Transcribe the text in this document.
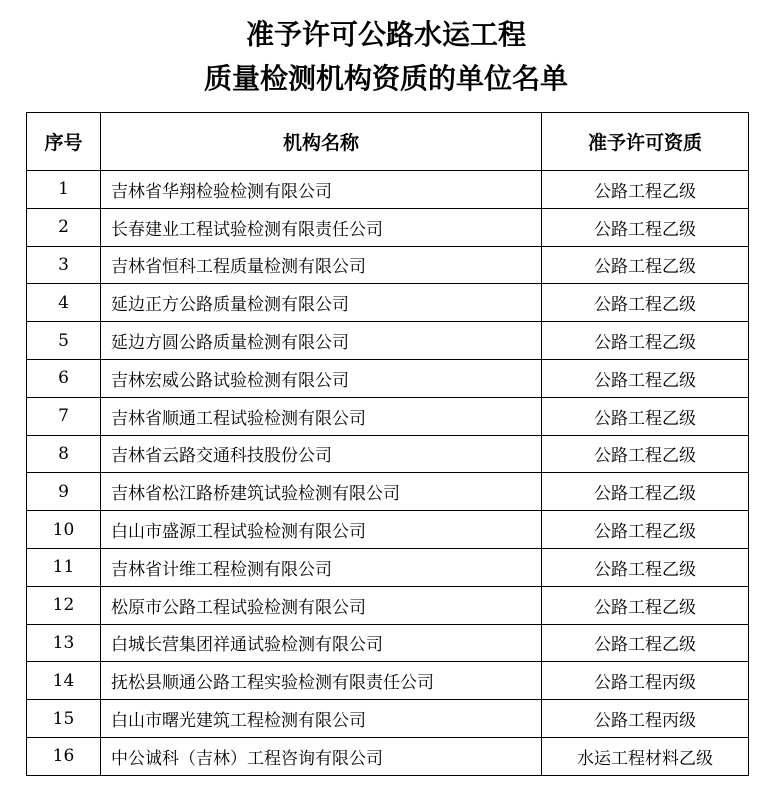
准予许可公路水运工程
质量检测机构资质的单位名单
序号	机构名称	准予许可资质
1	吉林省华翔检验检测有限公司	公路工程乙级
2	长春建业工程试验检测有限责任公司	公路工程乙级
3	吉林省恒科工程质量检测有限公司	公路工程乙级
4	延边正方公路质量检测有限公司	公路工程乙级
5	延边方圆公路质量检测有限公司	公路工程乙级
6	吉林宏威公路试验检测有限公司	公路工程乙级
7	吉林省顺通工程试验检测有限公司	公路工程乙级
8	吉林省云路交通科技股份公司	公路工程乙级
9	吉林省松江路桥建筑试验检测有限公司	公路工程乙级
10	白山市盛源工程试验检测有限公司	公路工程乙级
11	吉林省计维工程检测有限公司	公路工程乙级
12	松原市公路工程试验检测有限公司	公路工程乙级
13	白城长营集团祥通试验检测有限公司	公路工程乙级
14	抚松县顺通公路工程实验检测有限责任公司	公路工程丙级
15	白山市曙光建筑工程检测有限公司	公路工程丙级
16	中公诚科（吉林）工程咨询有限公司	水运工程材料乙级
